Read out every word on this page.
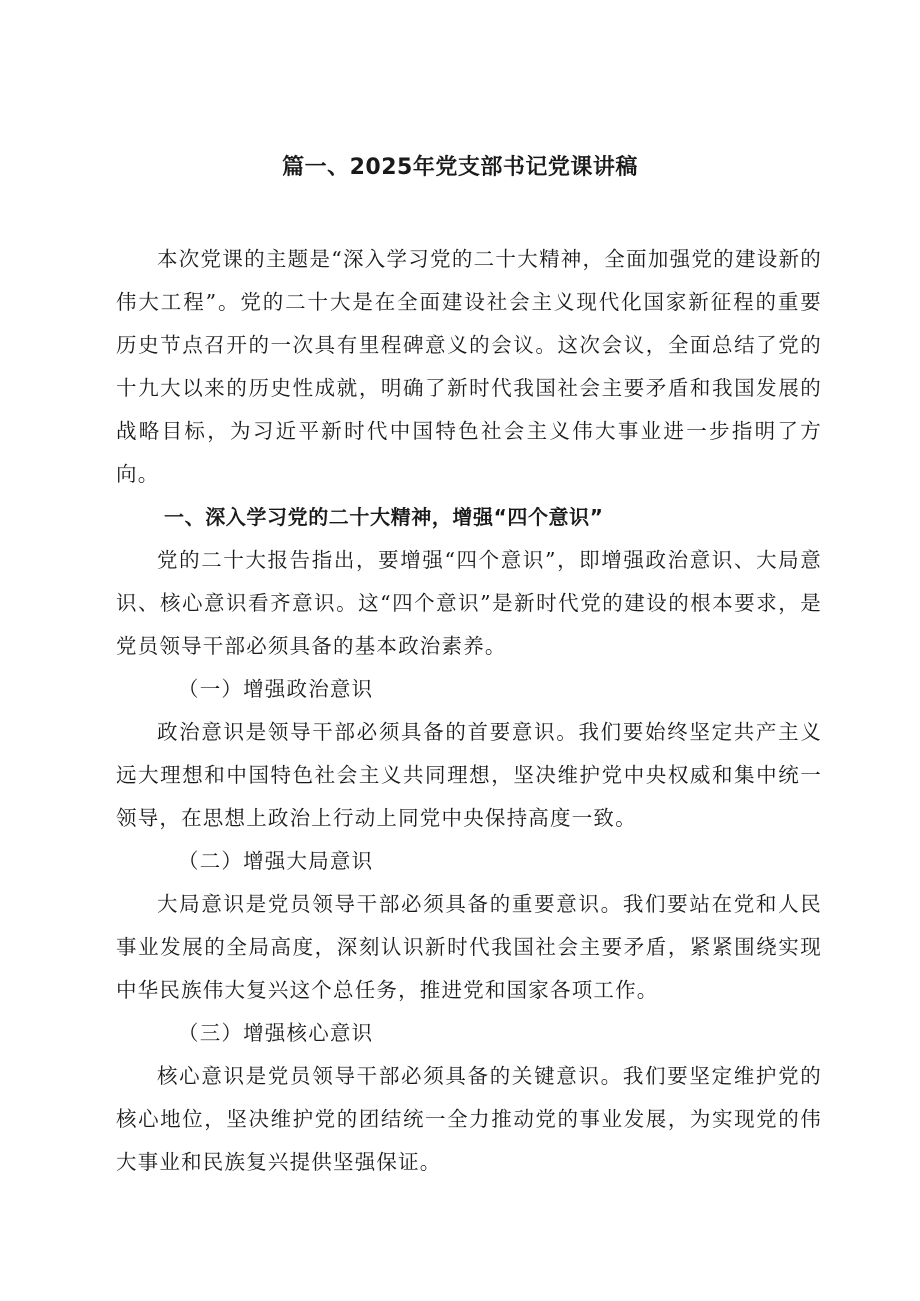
篇一、2025年党支部书记党课讲稿

本次党课的主题是“深入学习党的二十大精神，全面加强党的建设新的伟大工程”。党的二十大是在全面建设社会主义现代化国家新征程的重要历史节点召开的一次具有里程碑意义的会议。这次会议，全面总结了党的十九大以来的历史性成就，明确了新时代我国社会主要矛盾和我国发展的战略目标，为习近平新时代中国特色社会主义伟大事业进一步指明了方向。

一、深入学习党的二十大精神，增强“四个意识”

党的二十大报告指出，要增强“四个意识”，即增强政治意识、大局意识、核心意识看齐意识。这“四个意识”是新时代党的建设的根本要求，是党员领导干部必须具备的基本政治素养。

（一）增强政治意识

政治意识是领导干部必须具备的首要意识。我们要始终坚定共产主义远大理想和中国特色社会主义共同理想，坚决维护党中央权威和集中统一领导，在思想上政治上行动上同党中央保持高度一致。

（二）增强大局意识

大局意识是党员领导干部必须具备的重要意识。我们要站在党和人民事业发展的全局高度，深刻认识新时代我国社会主要矛盾，紧紧围绕实现中华民族伟大复兴这个总任务，推进党和国家各项工作。

（三）增强核心意识

核心意识是党员领导干部必须具备的关键意识。我们要坚定维护党的核心地位，坚决维护党的团结统一全力推动党的事业发展，为实现党的伟大事业和民族复兴提供坚强保证。
